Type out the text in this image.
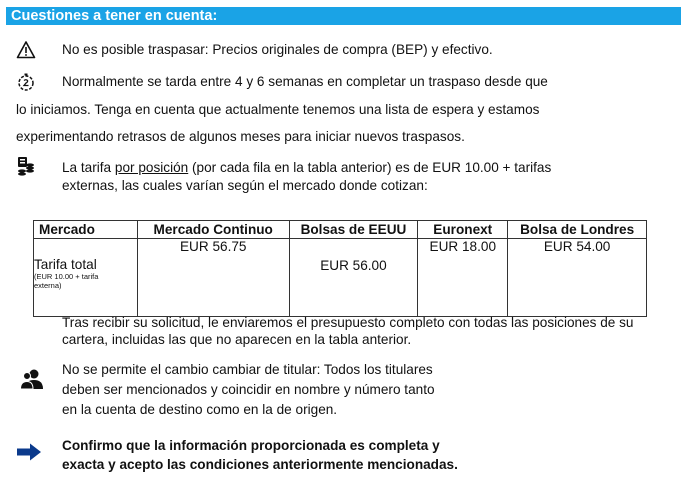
Cuestiones a tener en cuenta:
No es posible traspasar: Precios originales de compra (BEP) y efectivo.
Normalmente se tarda entre 4 y 6 semanas en completar un traspaso desde que
lo iniciamos. Tenga en cuenta que actualmente tenemos una lista de espera y estamos
experimentando retrasos de algunos meses para iniciar nuevos traspasos.
La tarifa por posición (por cada fila en la tabla anterior) es de EUR 10.00 + tarifas
externas, las cuales varían según el mercado donde cotizan:
Mercado	Mercado Continuo	Bolsas de EEUU	Euronext	Bolsa de Londres

Tarifa total
(EUR 10.00 + tarifa
externa)	EUR 56.75	EUR 56.00	EUR 18.00	EUR 54.00
Tras recibir su solicitud, le enviaremos el presupuesto completo con todas las posiciones de su
cartera, incluidas las que no aparecen en la tabla anterior.
No se permite el cambio cambiar de titular: Todos los titulares
deben ser mencionados y coincidir en nombre y número tanto
en la cuenta de destino como en la de origen.
Confirmo que la información proporcionada es completa y
exacta y acepto las condiciones anteriormente mencionadas.
